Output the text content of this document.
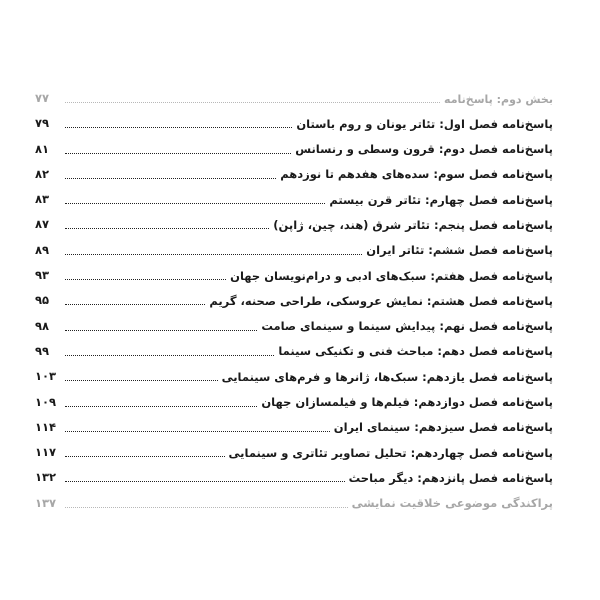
بخش دوم: پاسخ‌نامه
۷۷
پاسخ‌نامه فصل اول: تئاتر یونان و روم باستان
۷۹
پاسخ‌نامه فصل دوم: قرون وسطی و رنسانس
۸۱
پاسخ‌نامه فصل سوم: سده‌های هفدهم تا نوزدهم
۸۲
پاسخ‌نامه فصل چهارم: تئاتر قرن بیستم
۸۳
پاسخ‌نامه فصل پنجم: تئاتر شرق (هند، چین، ژاپن)
۸۷
پاسخ‌نامه فصل ششم: تئاتر ایران
۸۹
پاسخ‌نامه فصل هفتم: سبک‌های ادبی و درام‌نویسان جهان
۹۳
پاسخ‌نامه فصل هشتم: نمایش عروسکی، طراحی صحنه، گریم
۹۵
پاسخ‌نامه فصل نهم: پیدایش سینما و سینمای صامت
۹۸
پاسخ‌نامه فصل دهم: مباحث فنی و تکنیکی سینما
۹۹
پاسخ‌نامه فصل یازدهم: سبک‌ها، ژانرها و فرم‌های سینمایی
۱۰۳
پاسخ‌نامه فصل دوازدهم: فیلم‌ها و فیلمسازان جهان
۱۰۹
پاسخ‌نامه فصل سیزدهم: سینمای ایران
۱۱۴
پاسخ‌نامه فصل چهاردهم: تحلیل تصاویر تئاتری و سینمایی
۱۱۷
پاسخ‌نامه فصل پانزدهم: دیگر مباحث
۱۳۲
پراکندگی موضوعی خلاقیت نمایشی
۱۳۷
